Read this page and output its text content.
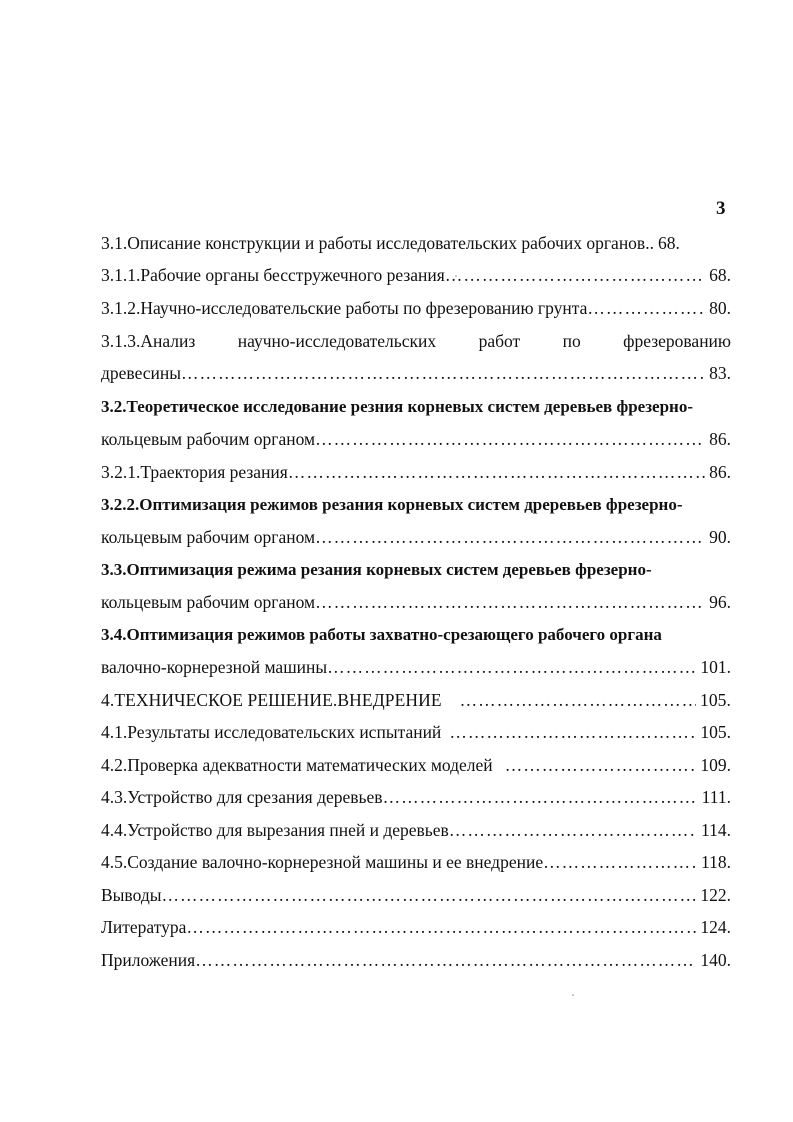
3
3.1.Описание конструкции и работы исследовательских рабочих органов.. 68.
3.1.1.Рабочие органы бесстружечного резания ………………………………………………………………………………………………………………………………………	68.
3.1.2.Научно-исследовательские работы по фрезерованию грунта ………………………………………………………………………………………………………………………………………	80.
3.1.3.Анализ научно-исследовательских работ по фрезерованию
древесины ………………………………………………………………………………………………………………………………………	83.
3.2.Теоретическое исследование резния корневых систем деревьев фрезерно-
кольцевым рабочим органом ………………………………………………………………………………………………………………………………………	86.
3.2.1.Траектория резания ………………………………………………………………………………………………………………………………………	86.
3.2.2.Оптимизация режимов резания корневых систем дреревьев фрезерно-
кольцевым рабочим органом ………………………………………………………………………………………………………………………………………	90.
3.3.Оптимизация режима резания корневых систем деревьев фрезерно-
кольцевым рабочим органом ………………………………………………………………………………………………………………………………………	96.
3.4.Оптимизация режимов работы захватно-срезающего рабочего органа
валочно-корнерезной машины ………………………………………………………………………………………………………………………………………	101.
4.ТЕХНИЧЕСКОЕ РЕШЕНИЕ.ВНЕДРЕНИЕ ………………………………………………………………………………………………………………………………………	105.
4.1.Результаты исследовательских испытаний ………………………………………………………………………………………………………………………………………	105.
4.2.Проверка адекватности математических моделей ………………………………………………………………………………………………………………………………………	109.
4.3.Устройство для срезания деревьев ………………………………………………………………………………………………………………………………………	111.
4.4.Устройство для вырезания пней и деревьев ………………………………………………………………………………………………………………………………………	114.
4.5.Создание валочно-корнерезной машины и ее внедрение ………………………………………………………………………………………………………………………………………	118.
Выводы ………………………………………………………………………………………………………………………………………	122.
Литература ………………………………………………………………………………………………………………………………………	124.
Приложения ………………………………………………………………………………………………………………………………………	140.
